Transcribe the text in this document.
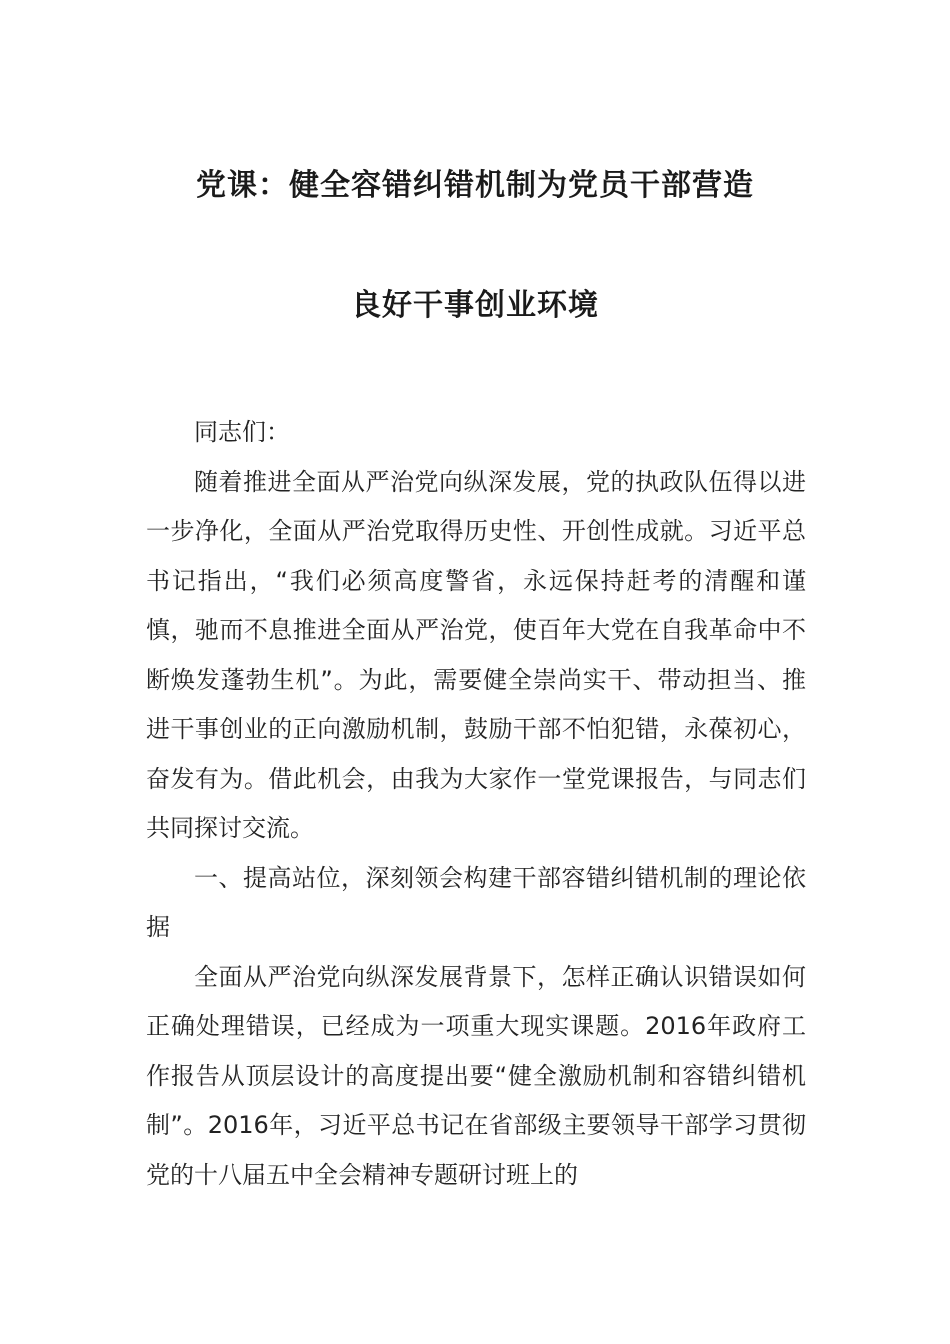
党课：健全容错纠错机制为党员干部营造
良好干事创业环境

同志们：

随着推进全面从严治党向纵深发展，党的执政队伍得以进一步净化，全面从严治党取得历史性、开创性成就。习近平总书记指出，“我们必须高度警省，永远保持赶考的清醒和谨慎，驰而不息推进全面从严治党，使百年大党在自我革命中不断焕发蓬勃生机”。为此，需要健全崇尚实干、带动担当、推进干事创业的正向激励机制，鼓励干部不怕犯错，永葆初心，奋发有为。借此机会，由我为大家作一堂党课报告，与同志们共同探讨交流。

一、提高站位，深刻领会构建干部容错纠错机制的理论依据

全面从严治党向纵深发展背景下，怎样正确认识错误如何正确处理错误，已经成为一项重大现实课题。2016年政府工作报告从顶层设计的高度提出要“健全激励机制和容错纠错机制”。2016年，习近平总书记在省部级主要领导干部学习贯彻党的十八届五中全会精神专题研讨班上的
